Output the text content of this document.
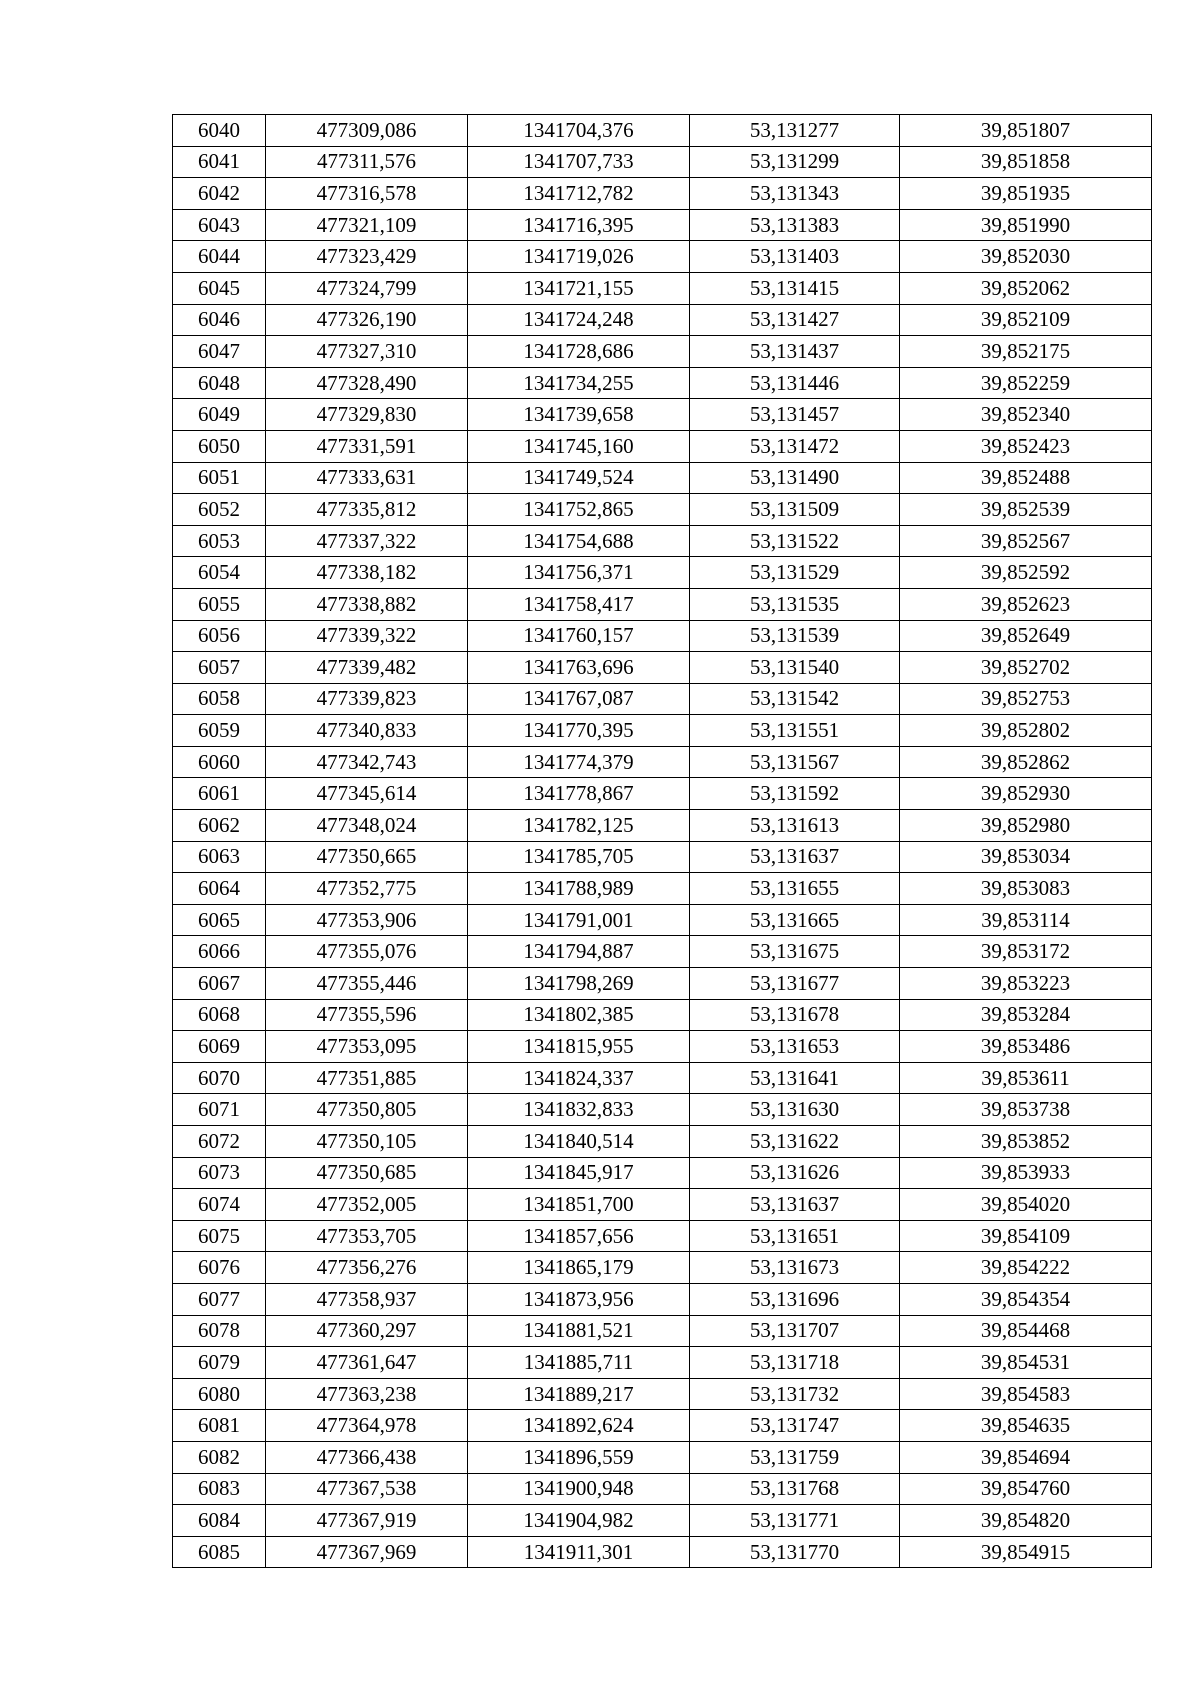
6040	477309,086	1341704,376	53,131277	39,851807
6041	477311,576	1341707,733	53,131299	39,851858
6042	477316,578	1341712,782	53,131343	39,851935
6043	477321,109	1341716,395	53,131383	39,851990
6044	477323,429	1341719,026	53,131403	39,852030
6045	477324,799	1341721,155	53,131415	39,852062
6046	477326,190	1341724,248	53,131427	39,852109
6047	477327,310	1341728,686	53,131437	39,852175
6048	477328,490	1341734,255	53,131446	39,852259
6049	477329,830	1341739,658	53,131457	39,852340
6050	477331,591	1341745,160	53,131472	39,852423
6051	477333,631	1341749,524	53,131490	39,852488
6052	477335,812	1341752,865	53,131509	39,852539
6053	477337,322	1341754,688	53,131522	39,852567
6054	477338,182	1341756,371	53,131529	39,852592
6055	477338,882	1341758,417	53,131535	39,852623
6056	477339,322	1341760,157	53,131539	39,852649
6057	477339,482	1341763,696	53,131540	39,852702
6058	477339,823	1341767,087	53,131542	39,852753
6059	477340,833	1341770,395	53,131551	39,852802
6060	477342,743	1341774,379	53,131567	39,852862
6061	477345,614	1341778,867	53,131592	39,852930
6062	477348,024	1341782,125	53,131613	39,852980
6063	477350,665	1341785,705	53,131637	39,853034
6064	477352,775	1341788,989	53,131655	39,853083
6065	477353,906	1341791,001	53,131665	39,853114
6066	477355,076	1341794,887	53,131675	39,853172
6067	477355,446	1341798,269	53,131677	39,853223
6068	477355,596	1341802,385	53,131678	39,853284
6069	477353,095	1341815,955	53,131653	39,853486
6070	477351,885	1341824,337	53,131641	39,853611
6071	477350,805	1341832,833	53,131630	39,853738
6072	477350,105	1341840,514	53,131622	39,853852
6073	477350,685	1341845,917	53,131626	39,853933
6074	477352,005	1341851,700	53,131637	39,854020
6075	477353,705	1341857,656	53,131651	39,854109
6076	477356,276	1341865,179	53,131673	39,854222
6077	477358,937	1341873,956	53,131696	39,854354
6078	477360,297	1341881,521	53,131707	39,854468
6079	477361,647	1341885,711	53,131718	39,854531
6080	477363,238	1341889,217	53,131732	39,854583
6081	477364,978	1341892,624	53,131747	39,854635
6082	477366,438	1341896,559	53,131759	39,854694
6083	477367,538	1341900,948	53,131768	39,854760
6084	477367,919	1341904,982	53,131771	39,854820
6085	477367,969	1341911,301	53,131770	39,854915
